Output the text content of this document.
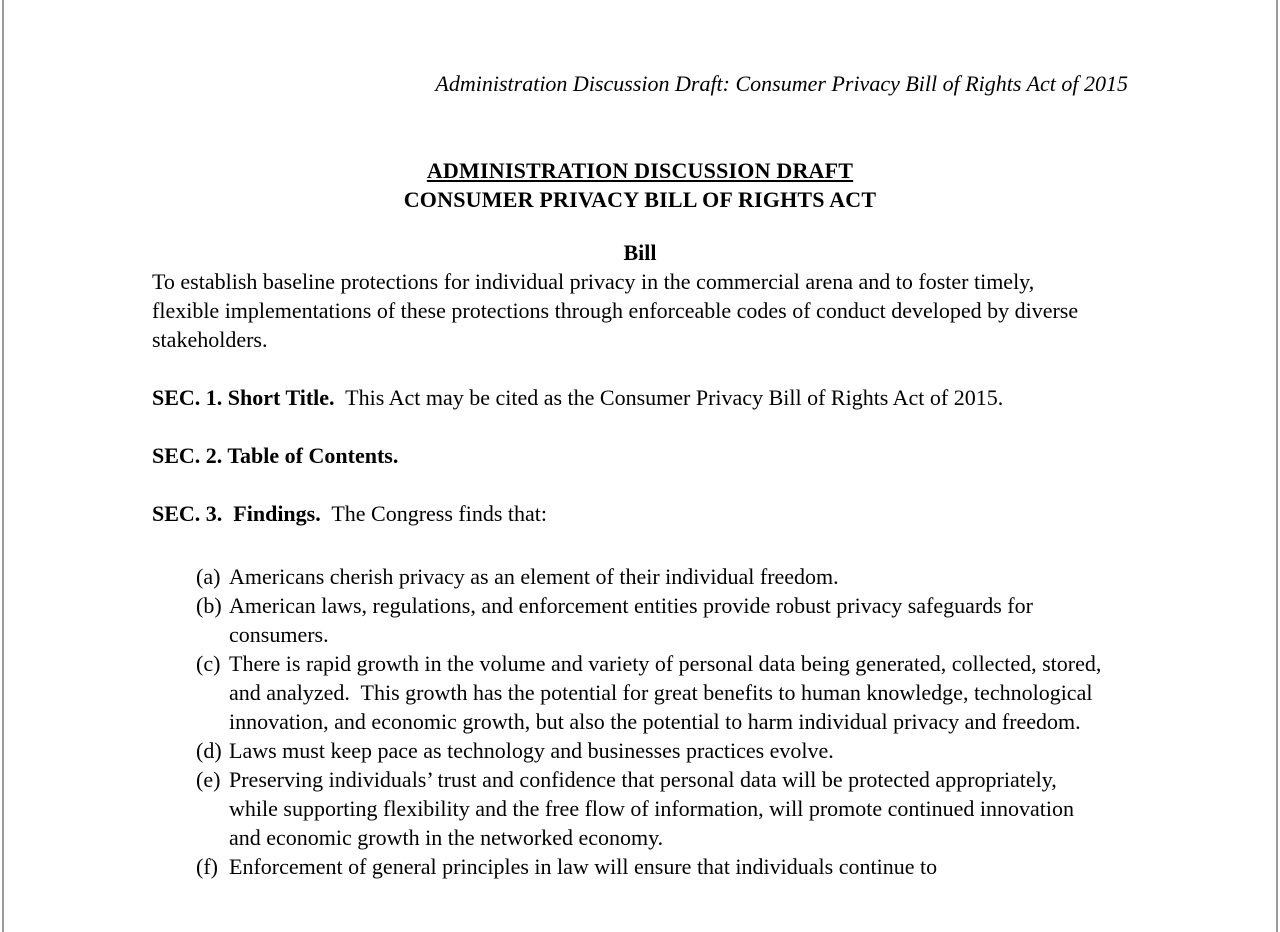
Administration Discussion Draft: Consumer Privacy Bill of Rights Act of 2015

ADMINISTRATION DISCUSSION DRAFT

CONSUMER PRIVACY BILL OF RIGHTS ACT

Bill

To establish baseline protections for individual privacy in the commercial arena and to foster timely, flexible implementations of these protections through enforceable codes of conduct developed by diverse stakeholders.

SEC. 1. Short Title.  This Act may be cited as the Consumer Privacy Bill of Rights Act of 2015.

SEC. 2. Table of Contents.

SEC. 3.  Findings.  The Congress finds that:

(a) Americans cherish privacy as an element of their individual freedom.
(b) American laws, regulations, and enforcement entities provide robust privacy safeguards for consumers.
(c) There is rapid growth in the volume and variety of personal data being generated, collected, stored, and analyzed.  This growth has the potential for great benefits to human knowledge, technological innovation, and economic growth, but also the potential to harm individual privacy and freedom.
(d) Laws must keep pace as technology and businesses practices evolve.
(e) Preserving individuals’ trust and confidence that personal data will be protected appropriately, while supporting flexibility and the free flow of information, will promote continued innovation and economic growth in the networked economy.
(f) Enforcement of general principles in law will ensure that individuals continue to
